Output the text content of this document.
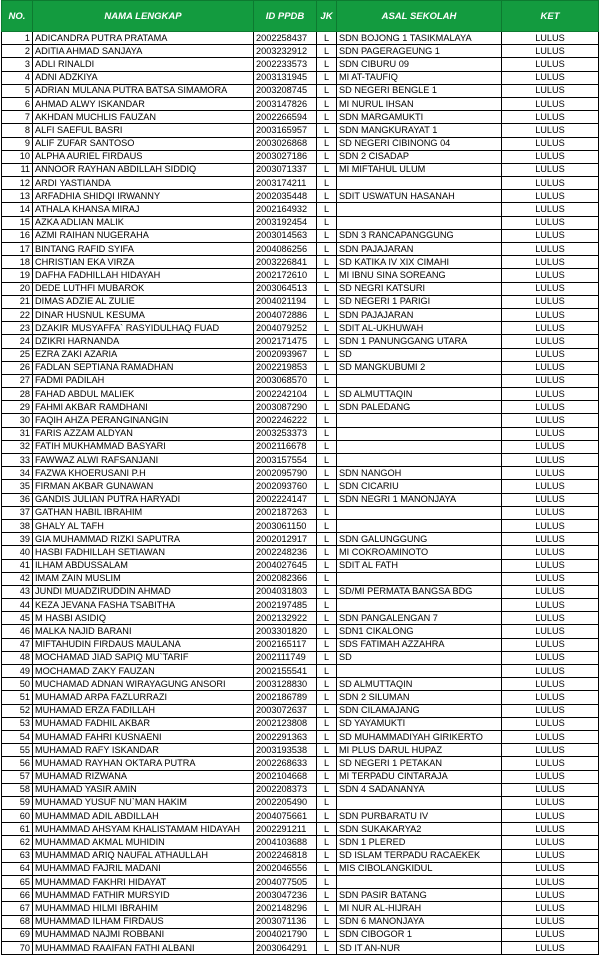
NO.	NAMA LENGKAP	ID PPDB	JK	ASAL SEKOLAH	KET
1	ADICANDRA PUTRA PRATAMA	2002258437	L	SDN BOJONG 1 TASIKMALAYA	LULUS
2	ADITIA AHMAD SANJAYA	2003232912	L	SDN PAGERAGEUNG 1	LULUS
3	ADLI RINALDI	2002233573	L	SDN CIBURU 09	LULUS
4	ADNI ADZKIYA	2003131945	L	MI AT-TAUFIQ	LULUS
5	ADRIAN MULANA PUTRA BATSA SIMAMORA	2003208745	L	SD NEGERI BENGLE 1	LULUS
6	AHMAD ALWY ISKANDAR	2003147826	L	MI NURUL IHSAN	LULUS
7	AKHDAN MUCHLIS FAUZAN	2002266594	L	SDN MARGAMUKTI	LULUS
8	ALFI SAEFUL BASRI	2003165957	L	SDN MANGKURAYAT 1	LULUS
9	ALIF ZUFAR SANTOSO	2003026868	L	SD NEGERI CIBINONG 04	LULUS
10	ALPHA AURIEL FIRDAUS	2003027186	L	SDN 2 CISADAP	LULUS
11	ANNOOR RAYHAN ABDILLAH SIDDIQ	2003071337	L	MI MIFTAHUL ULUM	LULUS
12	ARDI YASTIANDA	2003174211	L		LULUS
13	ARFADHIA SHIDQI IRWANNY	2002035448	L	SDIT USWATUN HASANAH	LULUS
14	ATHALA KHANSA MIRAJ	2002164932	L		LULUS
15	AZKA ADLIAN MALIK	2003192454	L		LULUS
16	AZMI RAIHAN NUGERAHA	2003014563	L	SDN 3 RANCAPANGGUNG	LULUS
17	BINTANG RAFID SYIFA	2004086256	L	SDN PAJAJARAN	LULUS
18	CHRISTIAN EKA VIRZA	2003226841	L	SD KATIKA IV XIX CIMAHI	LULUS
19	DAFHA FADHILLAH HIDAYAH	2002172610	L	MI IBNU SINA SOREANG	LULUS
20	DEDE LUTHFI MUBAROK	2003064513	L	SD NEGRI KATSURI	LULUS
21	DIMAS ADZIE AL ZULIE	2004021194	L	SD NEGERI 1 PARIGI	LULUS
22	DINAR HUSNUL KESUMA	2004072886	L	SDN PAJAJARAN	LULUS
23	DZAKIR MUSYAFFA` RASYIDULHAQ FUAD	2004079252	L	SDIT AL-UKHUWAH	LULUS
24	DZIKRI HARNANDA	2002171475	L	SDN 1 PANUNGGANG UTARA	LULUS
25	EZRA ZAKI AZARIA	2002093967	L	SD	LULUS
26	FADLAN SEPTIANA RAMADHAN	2002219853	L	SD MANGKUBUMI 2	LULUS
27	FADMI PADILAH	2003068570	L		LULUS
28	FAHAD ABDUL MALIEK	2002242104	L	SD ALMUTTAQIN	LULUS
29	FAHMI AKBAR RAMDHANI	2003087290	L	SDN PALEDANG	LULUS
30	FAQIH AHZA PERANGINANGIN	2002246222	L		LULUS
31	FARIS AZZAM ALDYAN	2003253373	L		LULUS
32	FATIH MUKHAMMAD BASYARI	2002116678	L		LULUS
33	FAWWAZ ALWI RAFSANJANI	2003157554	L		LULUS
34	FAZWA KHOERUSANI P.H	2002095790	L	SDN NANGOH	LULUS
35	FIRMAN AKBAR GUNAWAN	2002093760	L	SDN CICARIU	LULUS
36	GANDIS JULIAN PUTRA HARYADI	2002224147	L	SDN NEGRI 1 MANONJAYA	LULUS
37	GATHAN HABIL IBRAHIM	2002187263	L		LULUS
38	GHALY AL TAFH	2003061150	L		LULUS
39	GIA MUHAMMAD RIZKI SAPUTRA	2002012917	L	SDN GALUNGGUNG	LULUS
40	HASBI FADHILLAH SETIAWAN	2002248236	L	MI COKROAMINOTO	LULUS
41	ILHAM ABDUSSALAM	2004027645	L	SDIT AL FATH	LULUS
42	IMAM ZAIN MUSLIM	2002082366	L		LULUS
43	JUNDI MUADZIRUDDIN AHMAD	2004031803	L	SD/MI PERMATA BANGSA BDG	LULUS
44	KEZA JEVANA FASHA TSABITHA	2002197485	L		LULUS
45	M HASBI ASIDIQ	2002132922	L	SDN PANGALENGAN 7	LULUS
46	MALKA NAJID BARANI	2003301820	L	SDN1 CIKALONG	LULUS
47	MIFTAHUDIN FIRDAUS MAULANA	2002165117	L	SDS FATIMAH AZZAHRA	LULUS
48	MOCHAMAD JIAD SAPIQ MU`TARIF	2002111749	L	SD	LULUS
49	MOCHAMAD ZAKY FAUZAN	2002155541	L		LULUS
50	MUCHAMAD ADNAN WIRAYAGUNG ANSORI	2003128830	L	SD ALMUTTAQIN	LULUS
51	MUHAMAD ARPA FAZLURRAZI	2002186789	L	SDN 2 SILUMAN	LULUS
52	MUHAMAD ERZA FADILLAH	2003072637	L	SDN CILAMAJANG	LULUS
53	MUHAMAD FADHIL AKBAR	2002123808	L	SD YAYAMUKTI	LULUS
54	MUHAMAD FAHRI KUSNAENI	2002291363	L	SD MUHAMMADIYAH GIRIKERTO	LULUS
55	MUHAMAD RAFY ISKANDAR	2003193538	L	MI PLUS DARUL HUPAZ	LULUS
56	MUHAMAD RAYHAN OKTARA PUTRA	2002268633	L	SD NEGERI 1 PETAKAN	LULUS
57	MUHAMAD RIZWANA	2002104668	L	MI TERPADU CINTARAJA	LULUS
58	MUHAMAD YASIR AMIN	2002208373	L	SDN 4 SADANANYA	LULUS
59	MUHAMAD YUSUF NU`MAN HAKIM	2002205490	L		LULUS
60	MUHAMMAD ADIL ABDILLAH	2004075661	L	SDN PURBARATU IV	LULUS
61	MUHAMMAD AHSYAM KHALISTAMAM HIDAYAH	2002291211	L	SDN SUKAKARYA2	LULUS
62	MUHAMMAD AKMAL MUHIDIN	2004103688	L	SDN 1 PLERED	LULUS
63	MUHAMMAD ARIQ NAUFAL ATHAULLAH	2002246818	L	SD ISLAM TERPADU RACAEKEK	LULUS
64	MUHAMMAD FAJRIL MADANI	2002046556	L	MIS CIBOLANGKIDUL	LULUS
65	MUHAMMAD FAKHRI HIDAYAT	2004077505	L		LULUS
66	MUHAMMAD FATHIR MURSYID	2003047236	L	SDN PASIR BATANG	LULUS
67	MUHAMMAD HILMI IBRAHIM	2002148296	L	MI NUR AL-HIJRAH	LULUS
68	MUHAMMAD ILHAM FIRDAUS	2003071136	L	SDN 6 MANONJAYA	LULUS
69	MUHAMMAD NAJMI ROBBANI	2004021790	L	SDN CIBOGOR 1	LULUS
70	MUHAMMAD RAAIFAN FATHI ALBANI	2003064291	L	SD IT AN-NUR	LULUS
